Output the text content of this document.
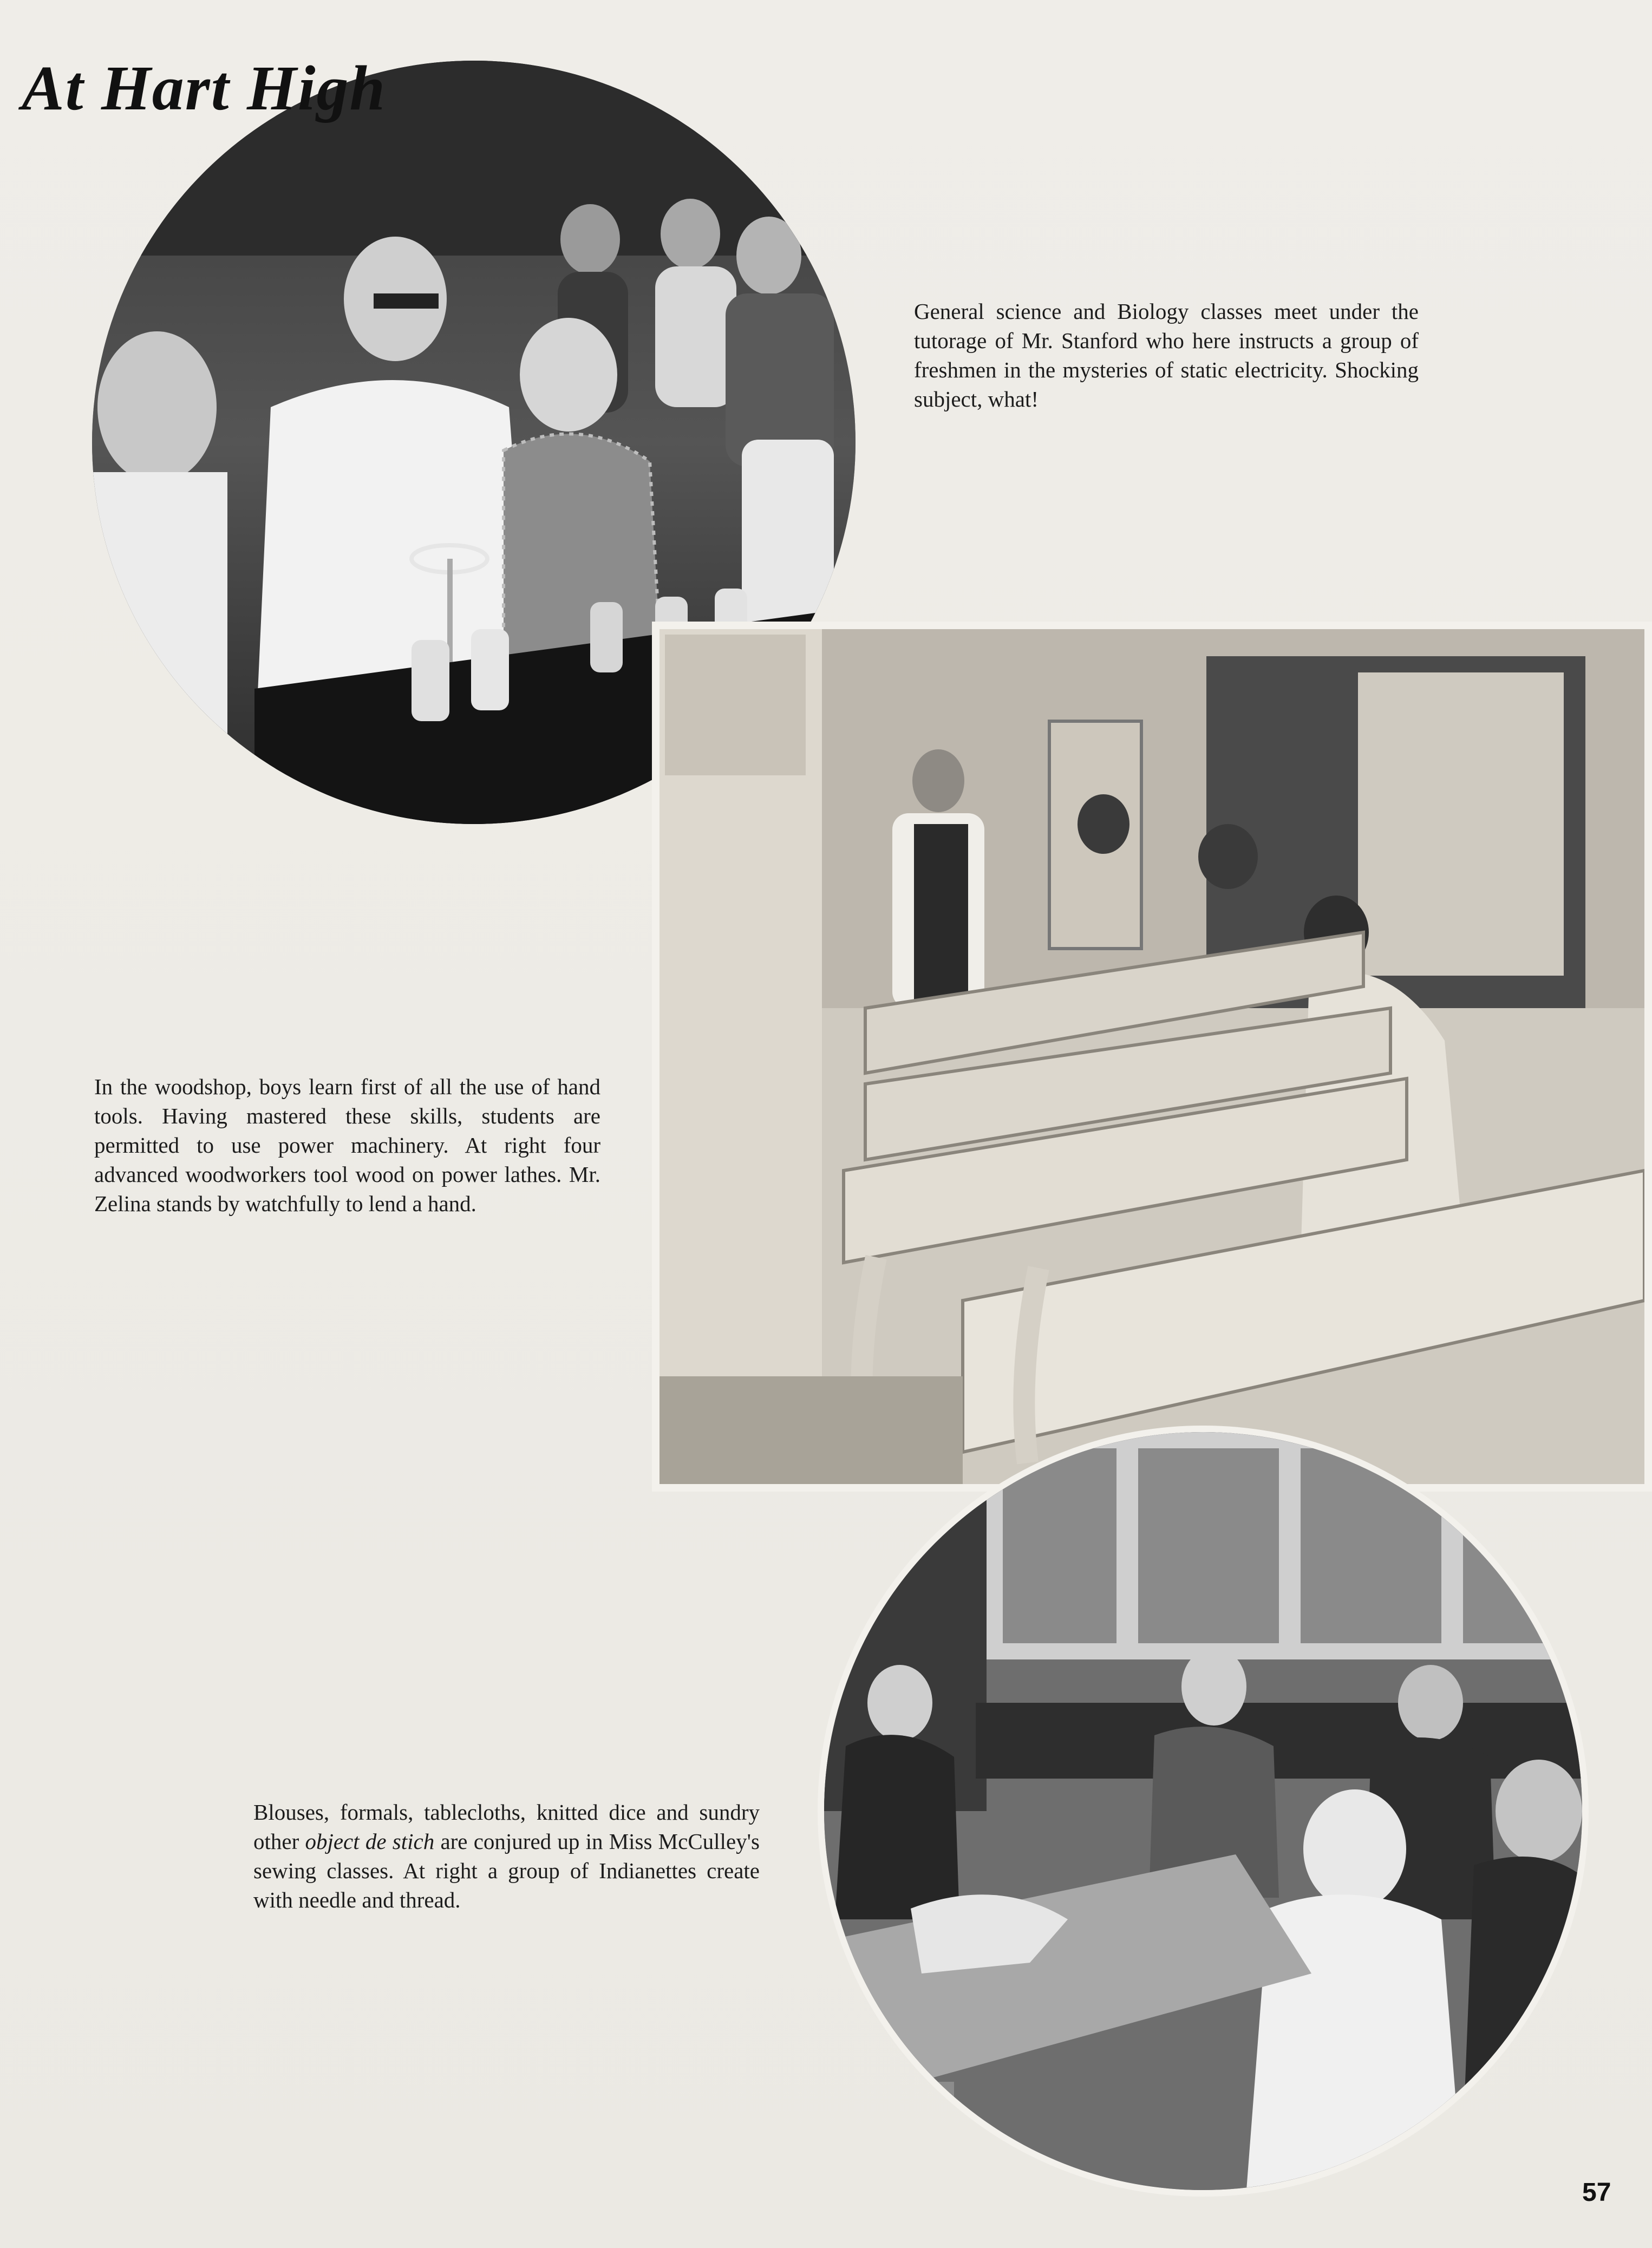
At Hart High
General science and Biology classes meet under the tutorage of Mr. Stanford who here instructs a group of freshmen in the mysteries of static electricity. Shocking subject, what!
In the woodshop, boys learn first of all the use of hand tools. Having mastered these skills, students are permitted to use power machinery. At right four advanced woodworkers tool wood on power lathes. Mr. Zelina stands by watchfully to lend a hand.
Blouses, formals, tablecloths, knitted dice and sundry other object de stich are conjured up in Miss McCulley's sewing classes. At right a group of Indianettes create with needle and thread.
57
